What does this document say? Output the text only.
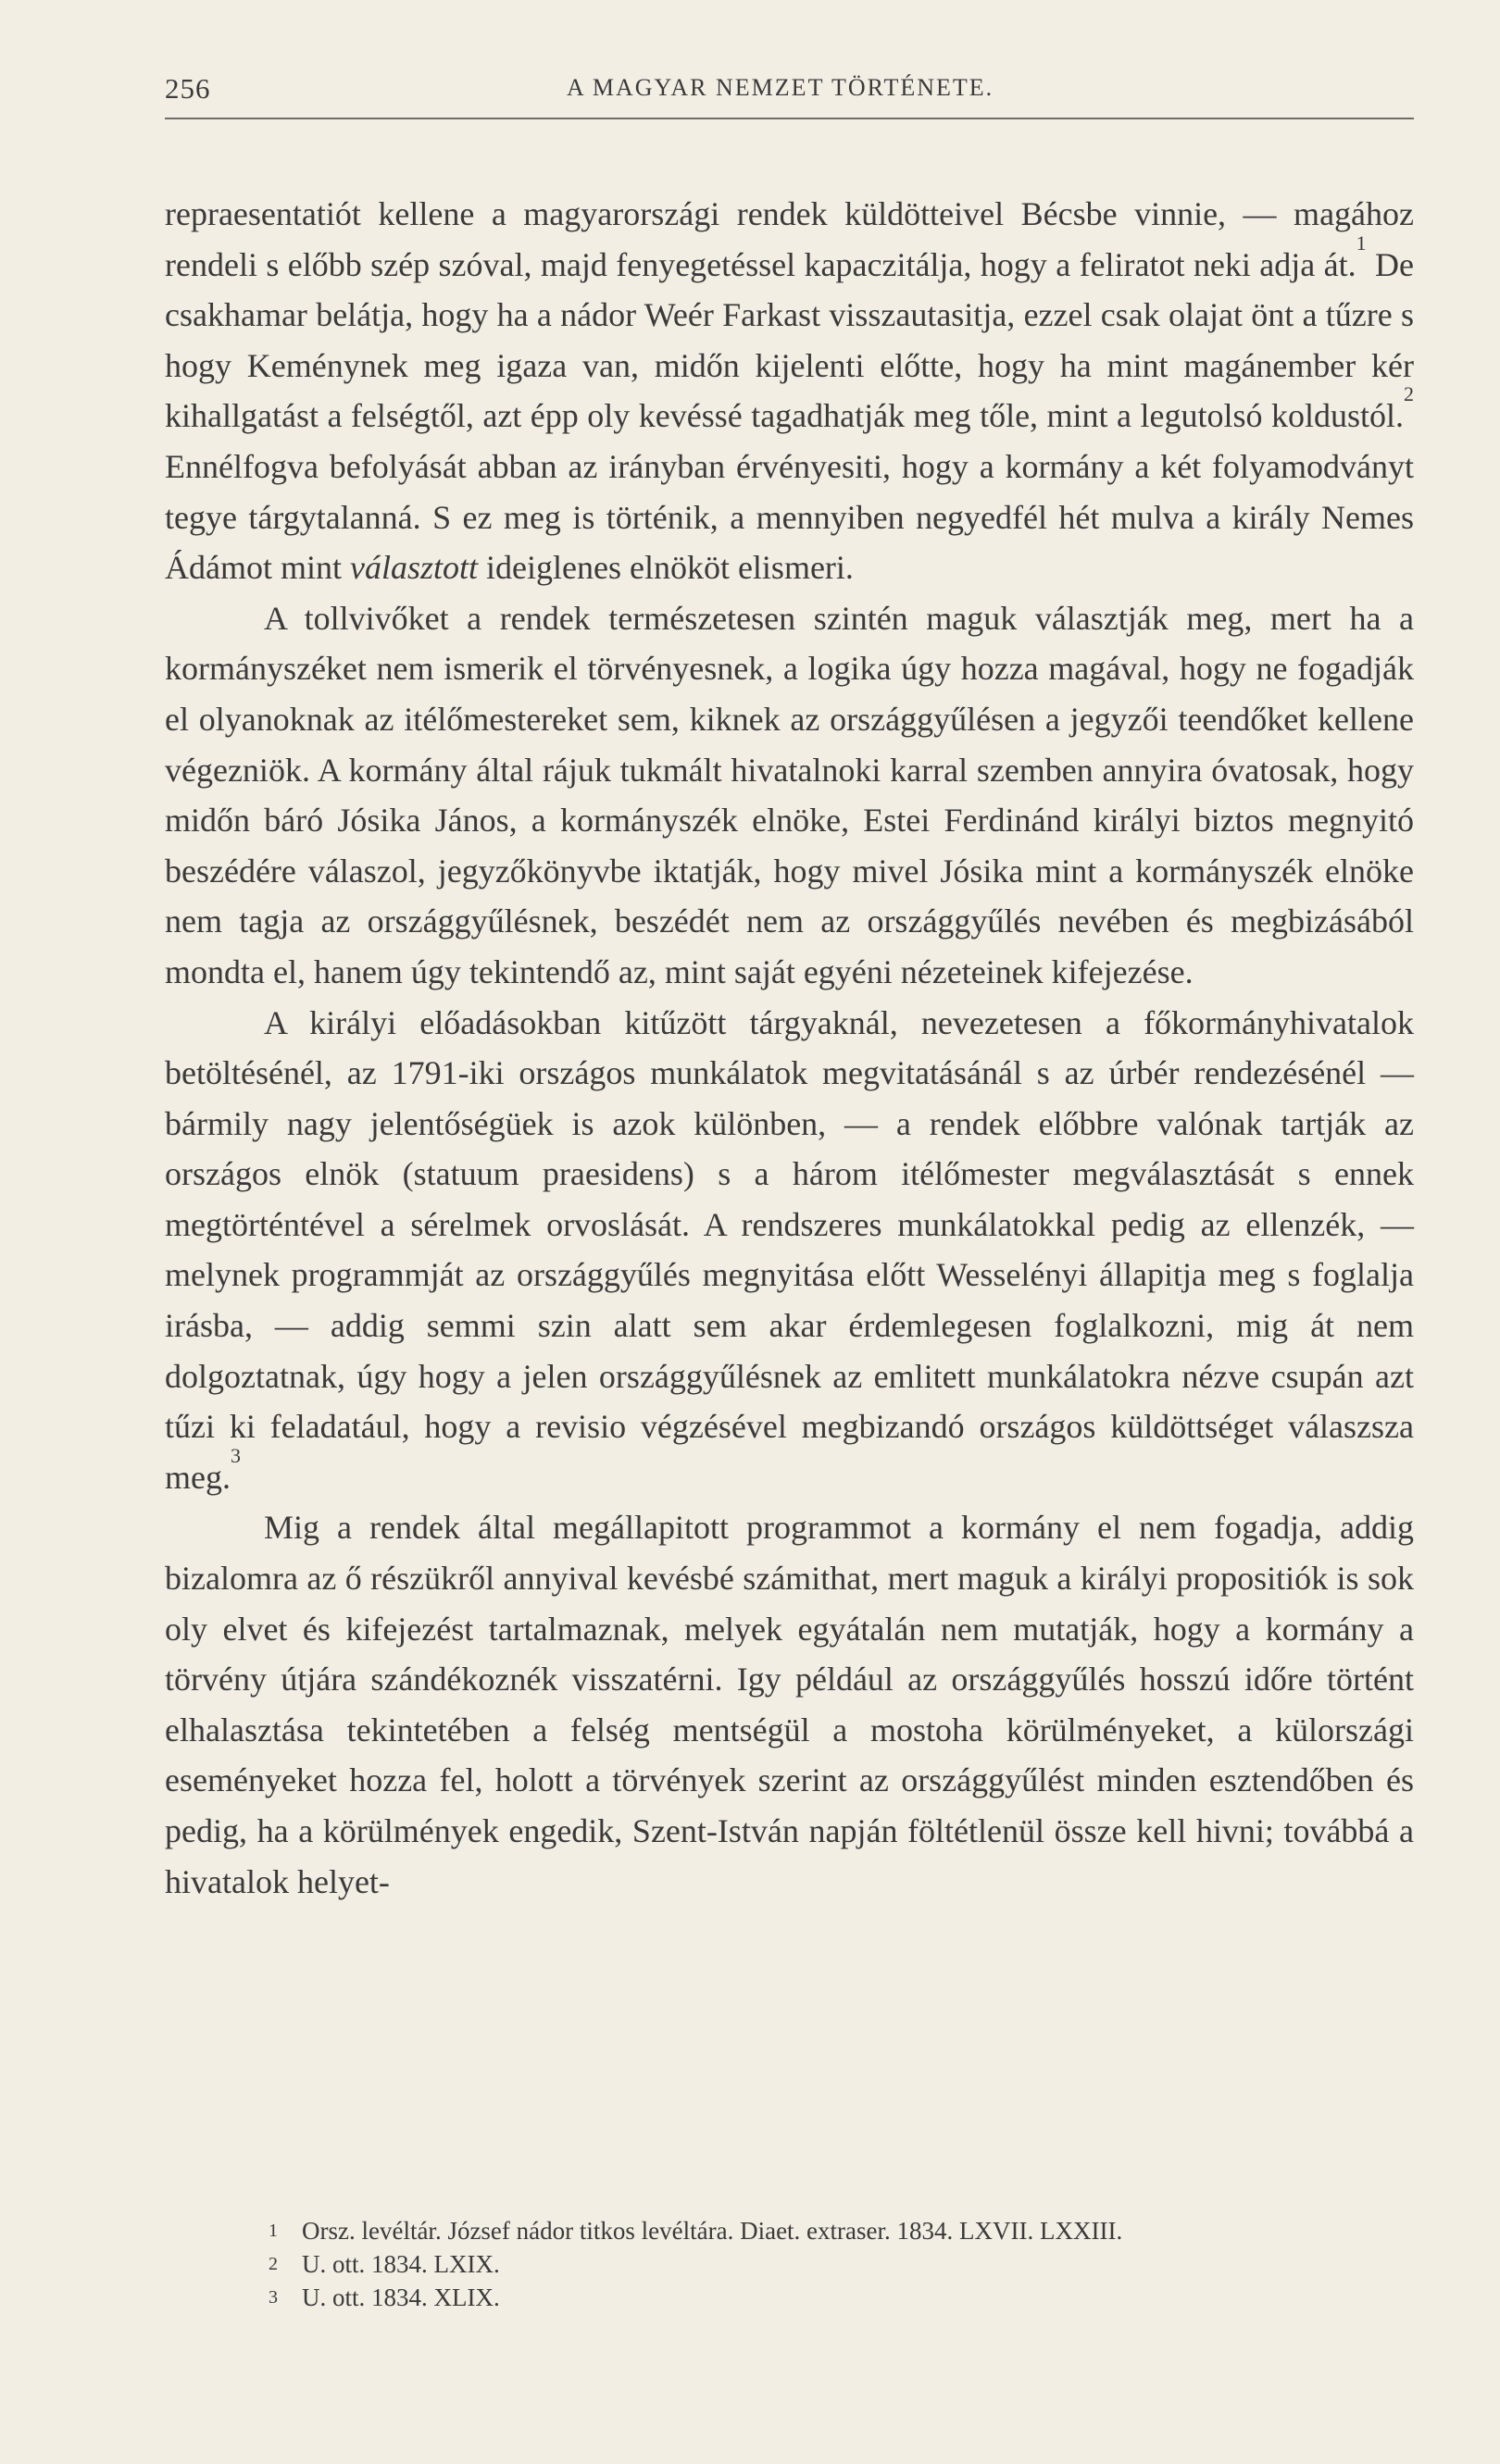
256	A MAGYAR NEMZET TÖRTÉNETE.

repraesentatiót kellene a magyarországi rendek küldötteivel Bécsbe vinnie, — magához rendeli s előbb szép szóval, majd fenyegetéssel kapaczitálja, hogy a feliratot neki adja át.$^1$ De csakhamar belátja, hogy ha a nádor Weér Farkast visszautasitja, ezzel csak olajat önt a tűzre s hogy Keménynek meg igaza van, midőn kijelenti előtte, hogy ha mint magánember kér kihallgatást a felségtől, azt épp oly kevéssé tagadhatják meg tőle, mint a legutolsó koldustól.$^2$ Ennélfogva befolyását abban az irányban érvényesiti, hogy a kormány a két folyamodványt tegye tárgytalanná. S ez meg is történik, a mennyiben negyedfél hét mulva a király Nemes Ádámot mint választott ideiglenes elnököt elismeri.

A tollvivőket a rendek természetesen szintén maguk választják meg, mert ha a kormányszéket nem ismerik el törvényesnek, a logika úgy hozza magával, hogy ne fogadják el olyanoknak az itélőmestereket sem, kiknek az országgyűlésen a jegyzői teendőket kellene végezniök. A kormány által rájuk tukmált hivatalnoki karral szemben annyira óvatosak, hogy midőn báró Jósika János, a kormányszék elnöke, Estei Ferdinánd királyi biztos megnyitó beszédére válaszol, jegyzőkönyvbe iktatják, hogy mivel Jósika mint a kormányszék elnöke nem tagja az országgyűlésnek, beszédét nem az országgyűlés nevében és megbizásából mondta el, hanem úgy tekintendő az, mint saját egyéni nézeteinek kifejezése.

A királyi előadásokban kitűzött tárgyaknál, nevezetesen a főkormányhivatalok betöltésénél, az 1791-iki országos munkálatok megvitatásánál s az úrbér rendezésénél — bármily nagy jelentőségüek is azok különben, — a rendek előbbre valónak tartják az országos elnök (statuum praesidens) s a három itélőmester megválasztását s ennek megtörténtével a sérelmek orvoslását. A rendszeres munkálatokkal pedig az ellenzék, — melynek programmját az országgyűlés megnyitása előtt Wesselényi állapitja meg s foglalja irásba, — addig semmi szin alatt sem akar érdemlegesen foglalkozni, mig át nem dolgoztatnak, úgy hogy a jelen országgyűlésnek az emlitett munkálatokra nézve csupán azt tűzi ki feladatául, hogy a revisio végzésével megbizandó országos küldöttséget válaszsza meg.$^3$

Mig a rendek által megállapitott programmot a kormány el nem fogadja, addig bizalomra az ő részükről annyival kevésbé számithat, mert maguk a királyi propositiók is sok oly elvet és kifejezést tartalmaznak, melyek egyátalán nem mutatják, hogy a kormány a törvény útjára szándékoznék visszatérni. Igy például az országgyűlés hosszú időre történt elhalasztása tekintetében a felség mentségül a mostoha körülményeket, a külországi eseményeket hozza fel, holott a törvények szerint az országgyűlést minden esztendőben és pedig, ha a körülmények engedik, Szent-István napján föltétlenül össze kell hivni; továbbá a hivatalok helyet-

1 Orsz. levéltár. József nádor titkos levéltára. Diaet. extraser. 1834. LXVII. LXXIII.
2 U. ott. 1834. LXIX.
3 U. ott. 1834. XLIX.
